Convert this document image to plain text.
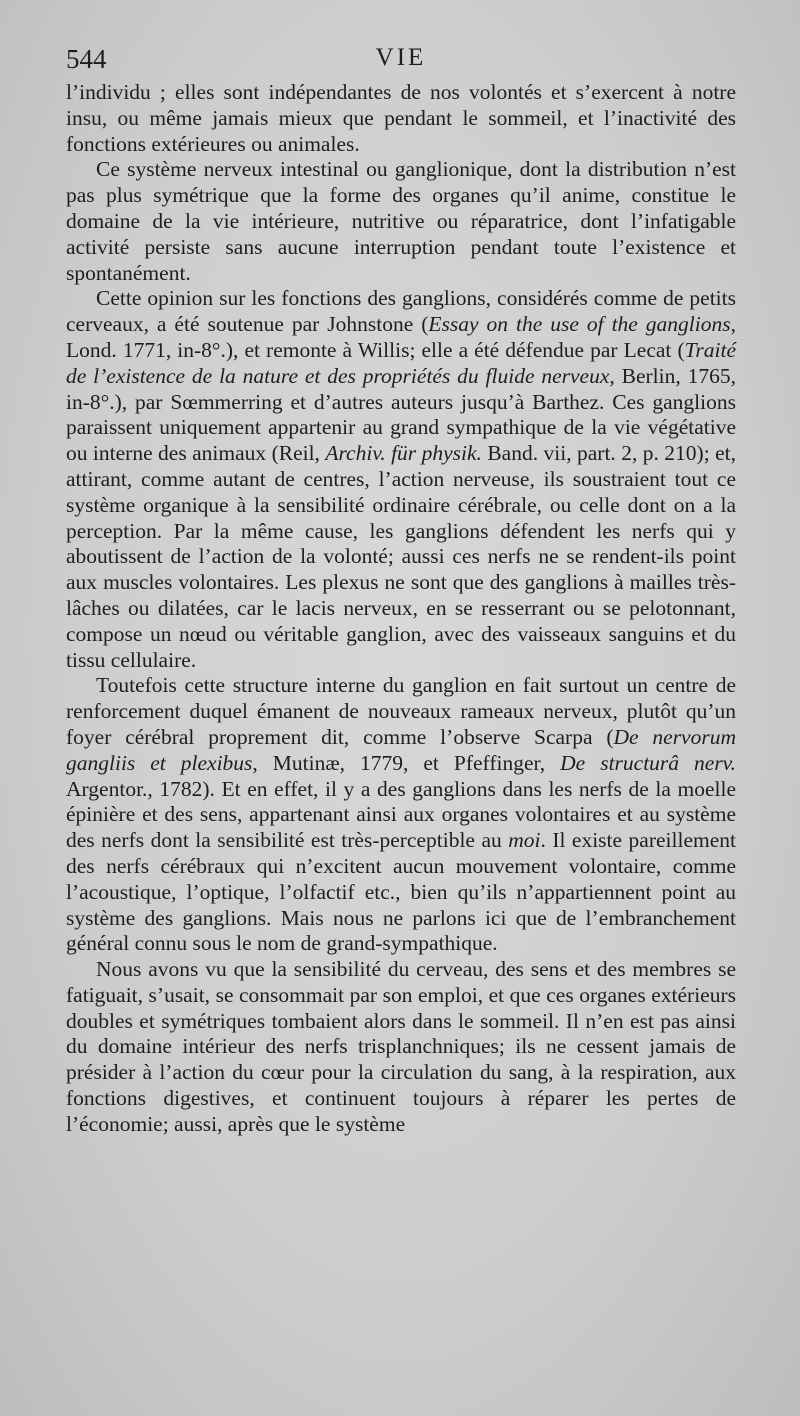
544	VIE

l’individu ; elles sont indépendantes de nos volontés et s’exercent à notre insu, ou même jamais mieux que pendant le sommeil, et l’inactivité des fonctions extérieures ou animales.

Ce système nerveux intestinal ou ganglionique, dont la distribution n’est pas plus symétrique que la forme des organes qu’il anime, constitue le domaine de la vie intérieure, nutritive ou réparatrice, dont l’infatigable activité persiste sans aucune interruption pendant toute l’existence et spontanément.

Cette opinion sur les fonctions des ganglions, considérés comme de petits cerveaux, a été soutenue par Johnstone (Essay on the use of the ganglions, Lond. 1771, in-8°.), et remonte à Willis; elle a été défendue par Lecat (Traité de l’existence de la nature et des propriétés du fluide nerveux, Berlin, 1765, in-8°.), par Sœmmerring et d’autres auteurs jusqu’à Barthez. Ces ganglions paraissent uniquement appartenir au grand sympathique de la vie végétative ou interne des animaux (Reil, Archiv. für physik. Band. vii, part. 2, p. 210); et, attirant, comme autant de centres, l’action nerveuse, ils soustraient tout ce système organique à la sensibilité ordinaire cérébrale, ou celle dont on a la perception. Par la même cause, les ganglions défendent les nerfs qui y aboutissent de l’action de la volonté; aussi ces nerfs ne se rendent-ils point aux muscles volontaires. Les plexus ne sont que des ganglions à mailles très-lâches ou dilatées, car le lacis nerveux, en se resserrant ou se pelotonnant, compose un nœud ou véritable ganglion, avec des vaisseaux sanguins et du tissu cellulaire.

Toutefois cette structure interne du ganglion en fait surtout un centre de renforcement duquel émanent de nouveaux rameaux nerveux, plutôt qu’un foyer cérébral proprement dit, comme l’observe Scarpa (De nervorum gangliis et plexibus, Mutinæ, 1779, et Pfeffinger, De structurâ nerv. Argentor., 1782). Et en effet, il y a des ganglions dans les nerfs de la moelle épinière et des sens, appartenant ainsi aux organes volontaires et au système des nerfs dont la sensibilité est très-perceptible au moi. Il existe pareillement des nerfs cérébraux qui n’excitent aucun mouvement volontaire, comme l’acoustique, l’optique, l’olfactif etc., bien qu’ils n’appartiennent point au système des ganglions. Mais nous ne parlons ici que de l’embranchement général connu sous le nom de grand-sympathique.

Nous avons vu que la sensibilité du cerveau, des sens et des membres se fatiguait, s’usait, se consommait par son emploi, et que ces organes extérieurs doubles et symétriques tombaient alors dans le sommeil. Il n’en est pas ainsi du domaine intérieur des nerfs trisplanchniques; ils ne cessent jamais de présider à l’action du cœur pour la circulation du sang, à la respiration, aux fonctions digestives, et continuent toujours à réparer les pertes de l’économie; aussi, après que le système
